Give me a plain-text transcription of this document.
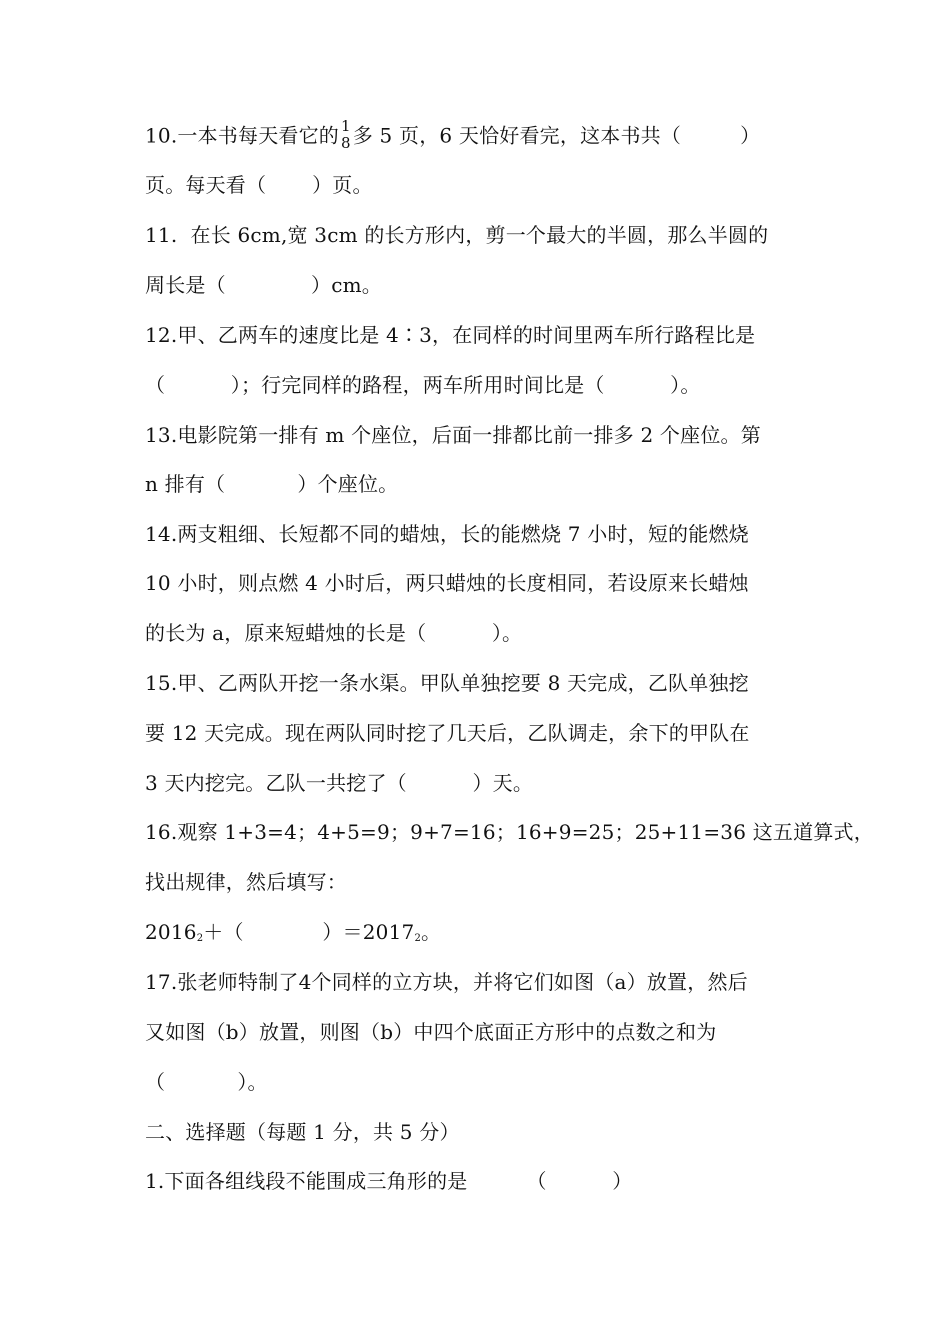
10.一本书每天看它的 1
8 多 5 页，6 天恰好看完，这本书共（         ）
页。每天看（       ）页。
11.  在长 6cm,宽 3cm 的长方形内，剪一个最大的半圆，那么半圆的
周长是（             ）cm。
12.甲、乙两车的速度比是 4∶3，在同样的时间里两车所行路程比是
（          ）；行完同样的路程，两车所用时间比是（          ）。
13.电影院第一排有 m 个座位，后面一排都比前一排多 2 个座位。第
n 排有（           ）个座位。
14.两支粗细、长短都不同的蜡烛，长的能燃烧 7 小时，短的能燃烧
10 小时，则点燃 4 小时后，两只蜡烛的长度相同，若设原来长蜡烛
的长为 a，原来短蜡烛的长是（          ）。
15.甲、乙两队开挖一条水渠。甲队单独挖要 8 天完成，乙队单独挖
要 12 天完成。现在两队同时挖了几天后，乙队调走，余下的甲队在
3 天内挖完。乙队一共挖了（          ）天。
16.观察 1+3=4；4+5=9；9+7=16；16+9=25；25+11=36 这五道算式，
找出规律，然后填写：
$2016_2+$（            ）$=2017_2$。
17.张老师特制了4个同样的立方块，并将它们如图（a）放置，然后
又如图（b）放置，则图（b）中四个底面正方形中的点数之和为
（           ）。
二、选择题（每题 1 分，共 5 分）
1.下面各组线段不能围成三角形的是         （          ）
